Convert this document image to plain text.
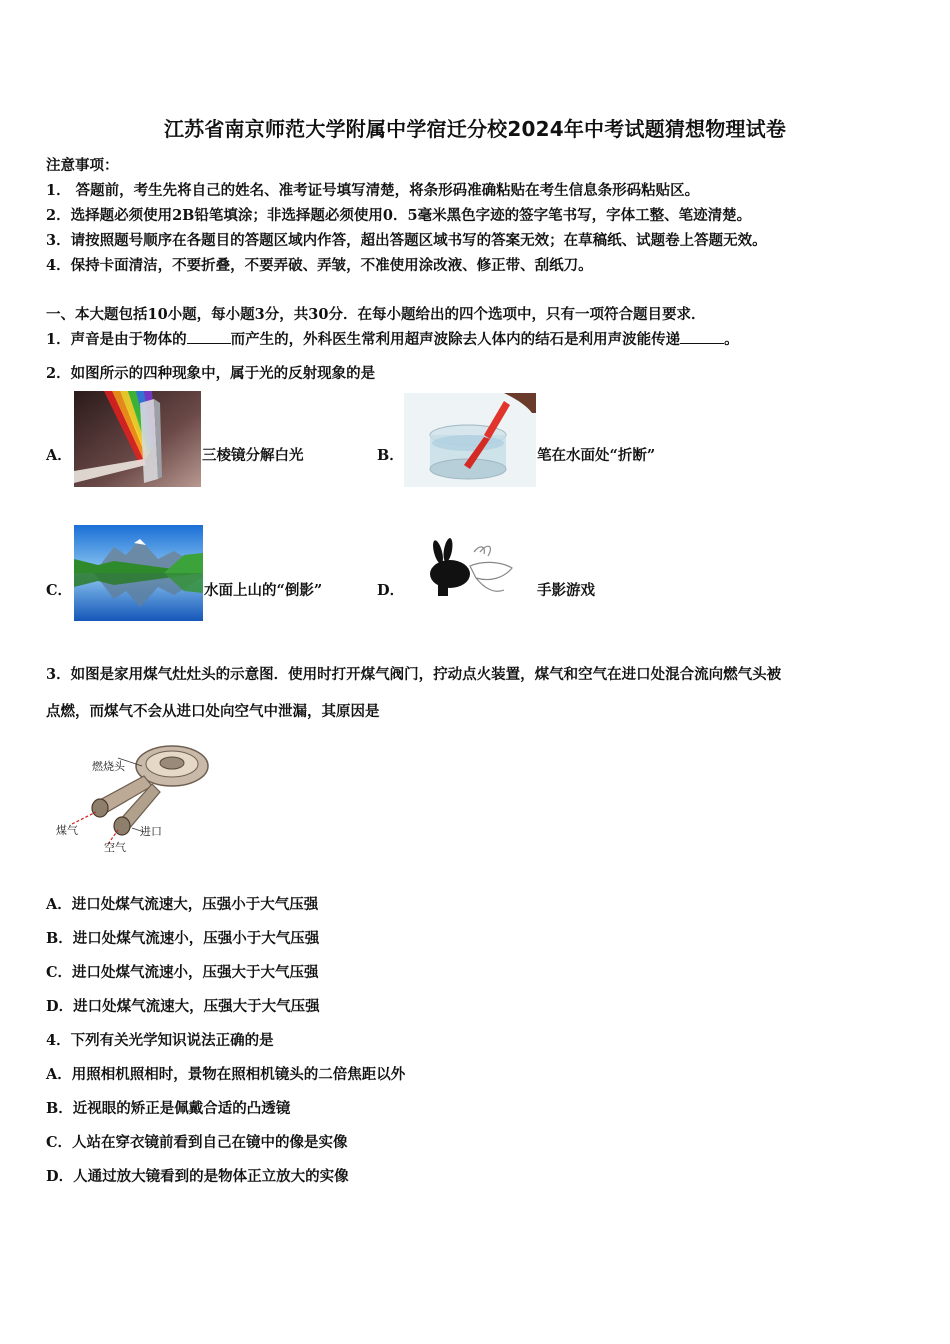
江苏省南京师范大学附属中学宿迁分校2024年中考试题猜想物理试卷
注意事项：
1． 答题前，考生先将自己的姓名、准考证号填写清楚，将条形码准确粘贴在考生信息条形码粘贴区。
2．选择题必须使用2B铅笔填涂；非选择题必须使用0．5毫米黑色字迹的签字笔书写，字体工整、笔迹清楚。
3．请按照题号顺序在各题目的答题区域内作答，超出答题区域书写的答案无效；在草稿纸、试题卷上答题无效。
4．保持卡面清洁，不要折叠，不要弄破、弄皱，不准使用涂改液、修正带、刮纸刀。
一、本大题包括10小题，每小题3分，共30分．在每小题给出的四个选项中，只有一项符合题目要求．
1．声音是由于物体的	而产生的，外科医生常利用超声波除去人体内的结石是利用声波能传递	。
2．如图所示的四种现象中，属于光的反射现象的是
A．	三棱镜分解白光	B．	笔在水面处“折断”
C．	水面上山的“倒影”	D．	手影游戏
3．如图是家用煤气灶灶头的示意图．使用时打开煤气阀门，拧动点火装置，煤气和空气在进口处混合流向燃气头被
点燃，而煤气不会从进口处向空气中泄漏，其原因是
燃烧头
煤气	进口
空气
A．进口处煤气流速大，压强小于大气压强
B．进口处煤气流速小，压强小于大气压强
C．进口处煤气流速小，压强大于大气压强
D．进口处煤气流速大，压强大于大气压强
4．下列有关光学知识说法正确的是
A．用照相机照相时，景物在照相机镜头的二倍焦距以外
B．近视眼的矫正是佩戴合适的凸透镜
C．人站在穿衣镜前看到自己在镜中的像是实像
D．人通过放大镜看到的是物体正立放大的实像
